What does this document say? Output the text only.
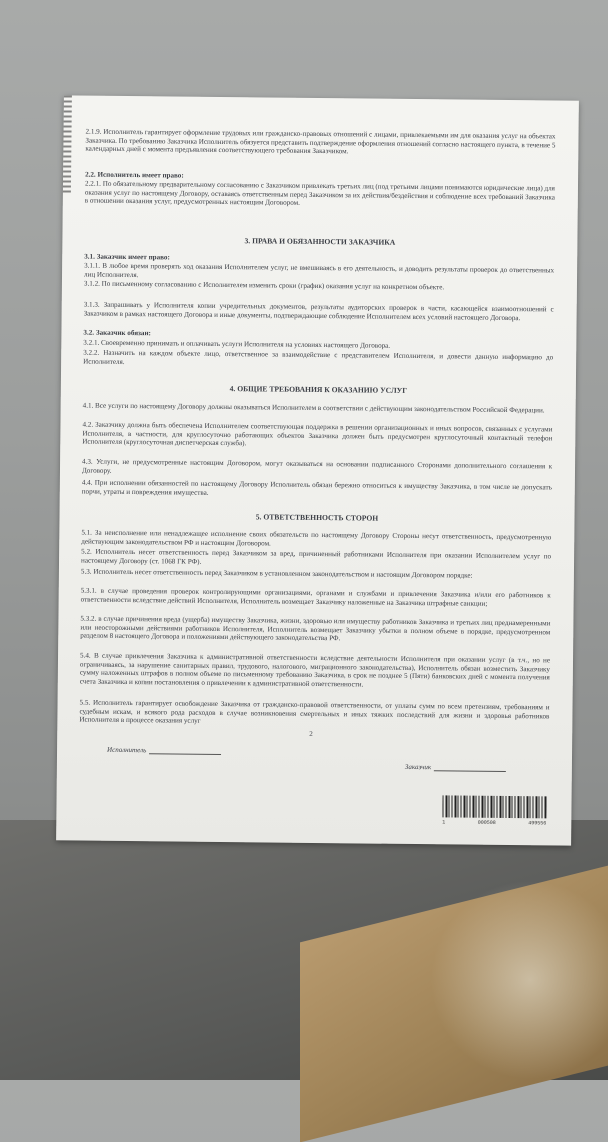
2.1.9. Исполнитель гарантирует оформление трудовых или гражданско-правовых отношений с лицами, привлекаемыми им для оказания услуг на объектах Заказчика. По требованию Заказчика Исполнитель обязуется представить подтверждение оформления отношений согласно настоящего пункта, в течение 5 календарных дней с момента предъявления соответствующего требования Заказчиком.
2.2. Исполнитель имеет право:
2.2.1. По обязательному предварительному согласованию с Заказчиком привлекать третьих лиц (под третьими лицами понимаются юридические лица) для оказания услуг по настоящему Договору, оставаясь ответственным перед Заказчиком за их действия/бездействия и соблюдение всех требований Заказчика в отношении оказания услуг, предусмотренных настоящим Договором.
3. ПРАВА И ОБЯЗАННОСТИ ЗАКАЗЧИКА
3.1. Заказчик имеет право:
3.1.1. В любое время проверять ход оказания Исполнителем услуг, не вмешиваясь в его деятельность, и доводить результаты проверок до ответственных лиц Исполнителя.
3.1.2. По письменному согласованию с Исполнителем изменить сроки (график) оказания услуг на конкретном объекте.
3.1.3. Запрашивать у Исполнителя копии учредительных документов, результаты аудиторских проверок в части, касающейся взаимоотношений с Заказчиком в рамках настоящего Договора и иные документы, подтверждающие соблюдение Исполнителем всех условий настоящего Договора.
3.2. Заказчик обязан:
3.2.1. Своевременно принимать и оплачивать услуги Исполнителя на условиях настоящего Договора.
3.2.2. Назначить на каждом объекте лицо, ответственное за взаимодействие с представителем Исполнителя, и довести данную информацию до Исполнителя.
4. ОБЩИЕ ТРЕБОВАНИЯ К ОКАЗАНИЮ УСЛУГ
4.1. Все услуги по настоящему Договору должны оказываться Исполнителем в соответствии с действующим законодательством Российской Федерации.
4.2. Заказчику должна быть обеспечена Исполнителем соответствующая поддержка в решении организационных и иных вопросов, связанных с услугами Исполнителя, в частности, для круглосуточно работающих объектов Заказчика должен быть предусмотрен круглосуточный контактный телефон Исполнителя (круглосуточная диспетчерская служба).
4.3. Услуги, не предусмотренные настоящим Договором, могут оказываться на основании подписанного Сторонами дополнительного соглашения к Договору.
4.4. При исполнении обязанностей по настоящему Договору Исполнитель обязан бережно относиться к имуществу Заказчика, в том числе не допускать порчи, утраты и повреждения имущества.
5. ОТВЕТСТВЕННОСТЬ СТОРОН
5.1. За неисполнение или ненадлежащее исполнение своих обязательств по настоящему Договору Стороны несут ответственность, предусмотренную действующим законодательством РФ и настоящим Договором.
5.2. Исполнитель несет ответственность перед Заказчиком за вред, причиненный работниками Исполнителя при оказании Исполнителем услуг по настоящему Договору (ст. 1068 ГК РФ).
5.3. Исполнитель несет ответственность перед Заказчиком в установленном законодательством и настоящим Договором порядке:
5.3.1. в случае проведения проверок контролирующими организациями, органами и службами и привлечения Заказчика и/или его работников к ответственности вследствие действий Исполнителя, Исполнитель возмещает Заказчику наложенные на Заказчика штрафные санкции;
5.3.2. в случае причинения вреда (ущерба) имуществу Заказчика, жизни, здоровью или имуществу работников Заказчика и третьих лиц преднамеренными или неосторожными действиями работников Исполнителя, Исполнитель возмещает Заказчику убытки в полном объеме в порядке, предусмотренном разделом 8 настоящего Договора и положениями действующего законодательства РФ.
5.4. В случае привлечения Заказчика к административной ответственности вследствие деятельности Исполнителя при оказании услуг (в т.ч., но не ограничиваясь, за нарушение санитарных правил, трудового, налогового, миграционного законодательства), Исполнитель обязан возместить Заказчику сумму наложенных штрафов в полном объеме по письменному требованию Заказчика, в срок не позднее 5 (Пяти) банковских дней с момента получения счета Заказчика и копии постановления о привлечении к административной ответственности.
5.5. Исполнитель гарантирует освобождение Заказчика от гражданско-правовой ответственности, от уплаты сумм по всем претензиям, требованиям и судебным искам, и всякого рода расходов в случае возникновения смертельных и иных тяжких последствий для жизни и здоровья работников Исполнителя в процессе оказания услуг
2
Исполнитель
Заказчик
1	000508	499556
